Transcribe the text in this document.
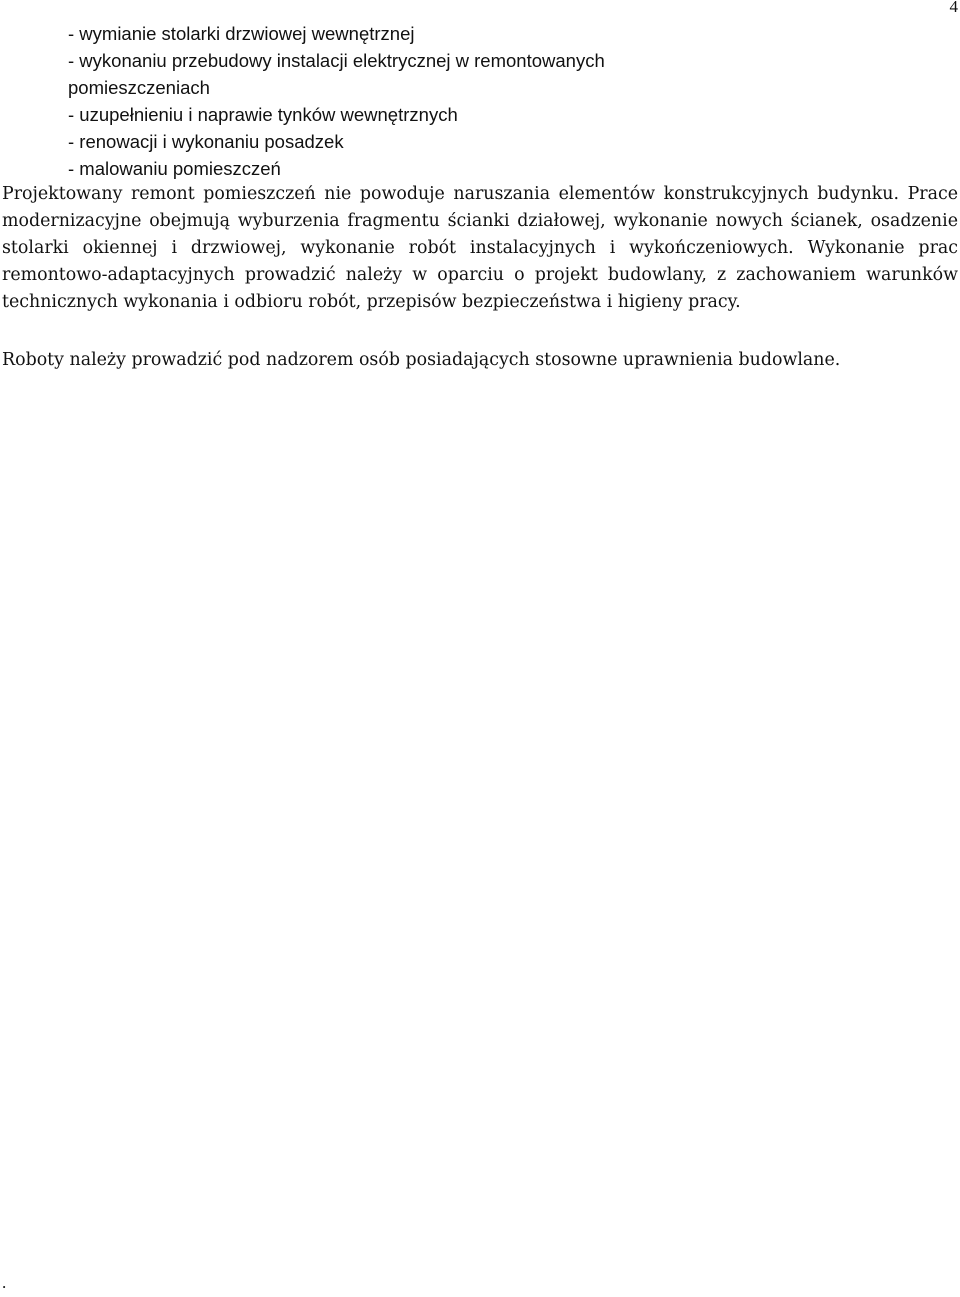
4
- wymianie stolarki drzwiowej wewnętrznej
- wykonaniu przebudowy instalacji elektrycznej w remontowanych
pomieszczeniach
- uzupełnieniu i naprawie tynków wewnętrznych
- renowacji i wykonaniu posadzek
- malowaniu pomieszczeń

Projektowany remont pomieszczeń nie powoduje naruszania elementów konstrukcyjnych budynku. Prace modernizacyjne obejmują wyburzenia fragmentu ścianki działowej, wykonanie nowych ścianek, osadzenie stolarki okiennej i drzwiowej, wykonanie robót instalacyjnych i wykończeniowych. Wykonanie prac remontowo-adaptacyjnych prowadzić należy w oparciu o projekt budowlany, z zachowaniem warunków technicznych wykonania i odbioru robót, przepisów bezpieczeństwa i higieny pracy.

Roboty należy prowadzić pod nadzorem osób posiadających stosowne uprawnienia budowlane.

.
